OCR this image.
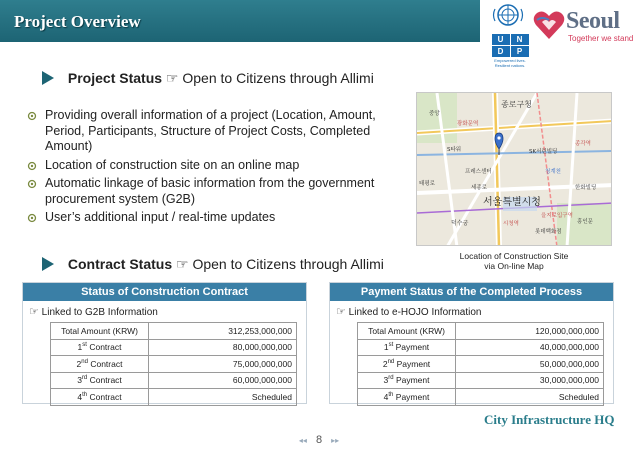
Project Overview
U	N
D	P
Empowered lives. Resilient nations.
Seoul
Together we stand
Project Status ☞ Open to Citizens through Allimi
Providing overall information of a project (Location, Amount, Period, Participants, Structure of Project Costs, Completed Amount)
Location of construction site on an online map
Automatic linkage of basic information from the government procurement system (G2B)
User’s additional input / real-time updates
종로구청
광화문역
종각역
SK서린빌딩
한화빌딩
S타워
프레스센터
서울특별시청
시청역
을지로입구역
롯데백화점
덕수궁
세종로
청계천
태평로
중앙
흥인문
Location of Construction Site
via On-line Map
Contract Status ☞ Open to Citizens through Allimi
Status of Construction Contract
☞ Linked to G2B Information
Total Amount (KRW)	312,253,000,000
1st Contract	80,000,000,000
2nd Contract	75,000,000,000
3rd Contract	60,000,000,000
4th Contract	Scheduled
Payment Status of the Completed Process
☞ Linked to e-HOJO Information
Total Amount (KRW)	120,000,000,000
1st Payment	40,000,000,000
2nd Payment	50,000,000,000
3rd Payment	30,000,000,000
4th Payment	Scheduled
City Infrastructure HQ
◂◂ 8 ▸▸
